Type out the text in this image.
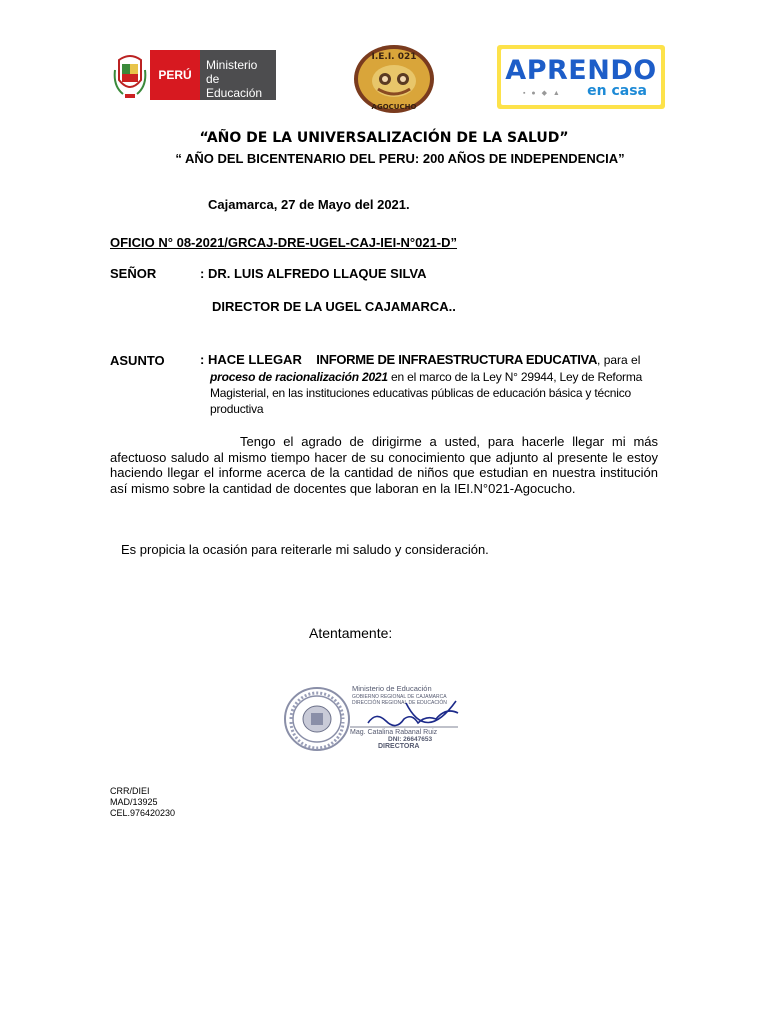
PERÚ
Ministerio
de Educación
I.E.I. 021
AGOCUCHO
APRENDO
▪ ● ◆ ▲ en casa
“AÑO DE LA UNIVERSALIZACIÓN DE LA SALUD”
“ AÑO DEL BICENTENARIO DEL PERU: 200 AÑOS DE INDEPENDENCIA”
Cajamarca, 27 de Mayo del 2021.
OFICIO N° 08-2021/GRCAJ-DRE-UGEL-CAJ-IEI-N°021-D”
SEÑOR	: DR. LUIS ALFREDO LLAQUE SILVA
DIRECTOR DE LA UGEL CAJAMARCA..
ASUNTO	: HACE LLEGAR INFORME DE INFRAESTRUCTURA EDUCATIVA, para el
proceso de racionalización 2021 en el marco de la Ley N° 29944, Ley de Reforma Magisterial, en las instituciones educativas públicas de educación básica y técnico productiva
Tengo el agrado de dirigirme a usted, para hacerle llegar mi más afectuoso saludo al mismo tiempo hacer de su conocimiento que adjunto al presente le estoy haciendo llegar el informe acerca de la cantidad de niños que estudian en nuestra institución así mismo sobre la cantidad de docentes que laboran en la IEI.N°021-Agocucho.
Es propicia la ocasión para reiterarle mi saludo y consideración.
Atentamente:
Ministerio de Educación
GOBIERNO REGIONAL DE CAJAMARCA
DIRECCIÓN REGIONAL DE EDUCACIÓN
Mag. Catalina Rabanal Ruiz
DNI: 26647653
DIRECTORA
CRR/DIEI
MAD/13925
CEL.976420230
